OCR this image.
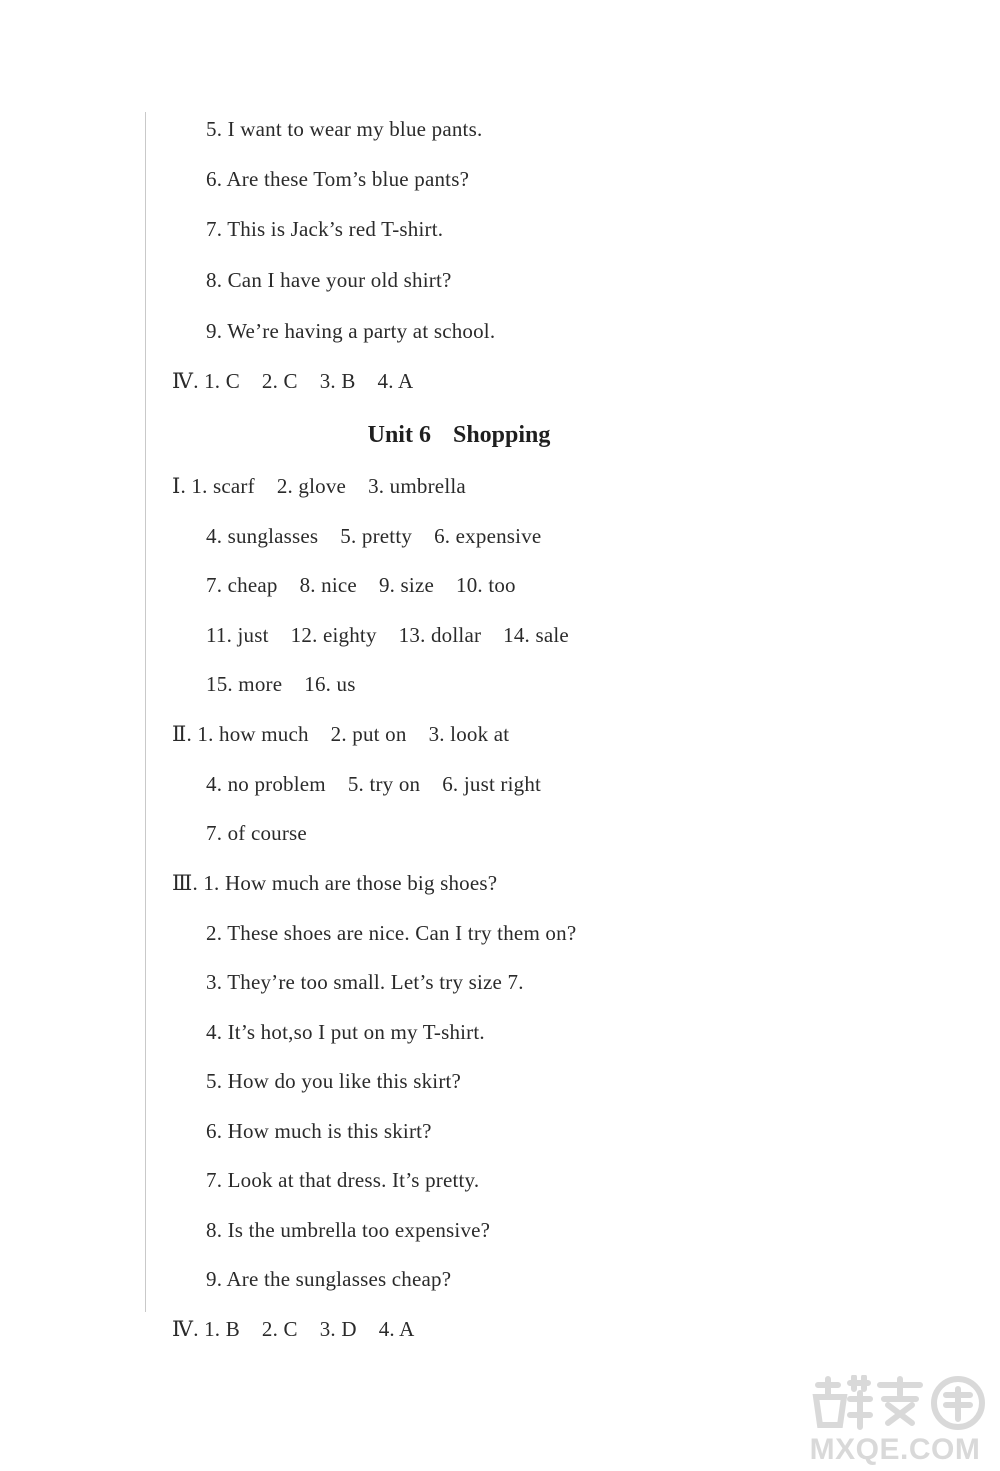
5. I want to wear my blue pants.
6. Are these Tom’s blue pants?
7. This is Jack’s red T-shirt.
8. Can I have your old shirt?
9. We’re having a party at school.
Ⅳ. 1. C 2. C 3. B 4. A
Unit 6 Shopping
Ⅰ. 1. scarf 2. glove 3. umbrella
4. sunglasses 5. pretty 6. expensive
7. cheap 8. nice 9. size 10. too
11. just 12. eighty 13. dollar 14. sale
15. more 16. us
Ⅱ. 1. how much 2. put on 3. look at
4. no problem 5. try on 6. just right
7. of course
Ⅲ. 1. How much are those big shoes?
2. These shoes are nice. Can I try them on?
3. They’re too small. Let’s try size 7.
4. It’s hot,so I put on my T-shirt.
5. How do you like this skirt?
6. How much is this skirt?
7. Look at that dress. It’s pretty.
8. Is the umbrella too expensive?
9. Are the sunglasses cheap?
Ⅳ. 1. B 2. C 3. D 4. A
MXQE.COM
